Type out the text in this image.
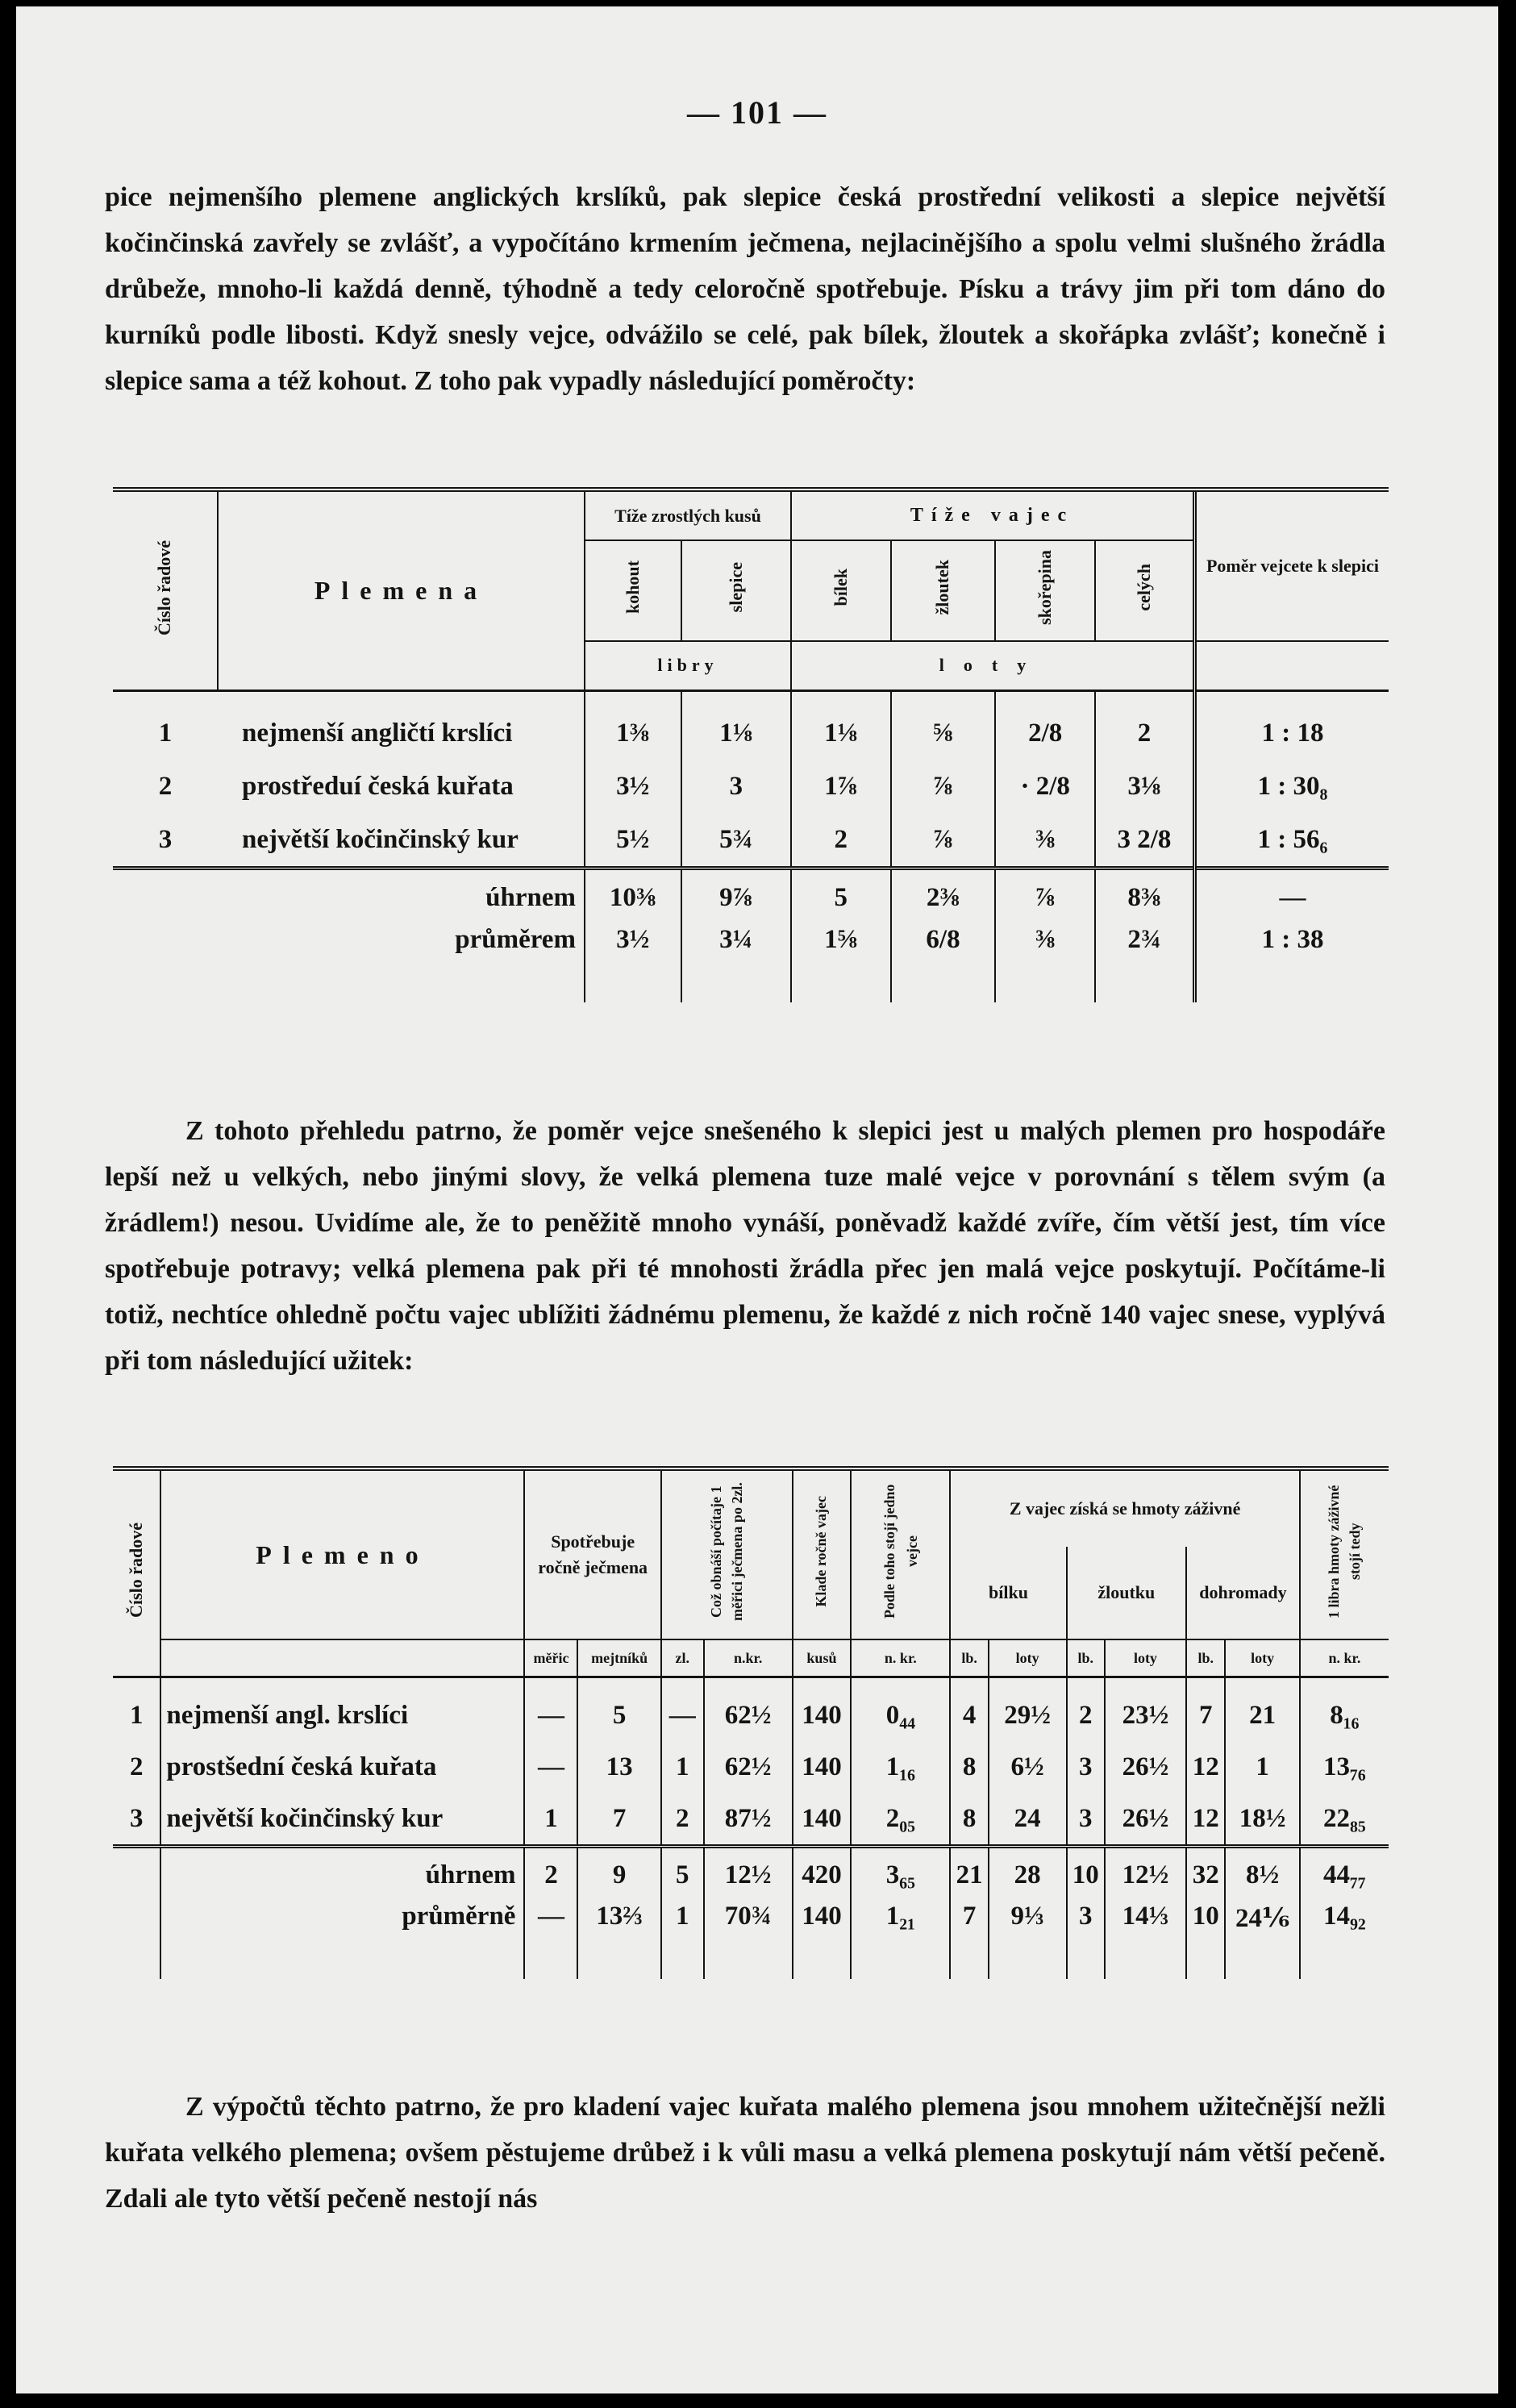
— 101 —

pice nejmenšího plemene anglických krslíků, pak slepice česká prostřední velikosti a slepice největší kočinčinská zavřely se zvlášť, a vypočítáno krmením ječmena, nejlacinějšího a spolu velmi slušného žrádla drůbeže, mnoho-li každá denně, týhodně a tedy celoročně spotřebuje. Písku a trávy jim při tom dáno do kurníků podle libosti. Když snesly vejce, odvážilo se celé, pak bílek, žloutek a skořápka zvlášť; konečně i slepice sama a též kohout. Z toho pak vypadly následující poměročty:

Číslo řadové	Plemena	Tíže zrostlých kusů		Tíže vajec				Poměr vejcete k slepici
		kohout	slepice	bílek	žloutek	skořepina	celých	
		libry		loty				
1	nejmenší angličtí krslíci	1⅜	1⅛	1⅛	⅝	2/8	2	1 : 18
2	prostředuí česká kuřata	3½	3	1⅞	⅞	· 2/8	3⅛	1 : 30₈
3	největší kočinčinský kur	5½	5¾	2	⅞	⅜	3 2/8	1 : 56₆
	úhrnem	10⅜	9⅞	5	2⅜	⅞	8⅜	—
	průměrem	3½	3¼	1⅝	6/8	⅜	2¾	1 : 38

Z tohoto přehledu patrno, že poměr vejce snešeného k slepici jest u malých plemen pro hospodáře lepší než u velkých, nebo jinými slovy, že velká plemena tuze malé vejce v porovnání s tělem svým (a žrádlem!) nesou. Uvidíme ale, že to peněžitě mnoho vynáší, poněvadž každé zvíře, čím větší jest, tím více spotřebuje potravy; velká plemena pak při té mnohosti žrádla přec jen malá vejce poskytují. Počítáme-li totiž, nechtíce ohledně počtu vajec ublížiti žádnému plemenu, že každé z nich ročně 140 vajec snese, vyplývá při tom následující užitek:

Číslo řadové	Plemeno	Spotřebuje ročně ječmena		Což obnáší počítaje 1 měřici ječmena po 2zl.		Klade ročně vajec	Podle toho stojí jedno vejce	Z vajec získá se hmoty záživné						1 libra hmoty záživné stojí tedy
								bílku		žloutku		dohromady		
		měřic	mejtníků	zl.	n.kr.	kusů	n. kr.	lb.	loty	lb.	loty	lb.	loty	n. kr.
1	nejmenší angl. krslíci	—	5	—	62½	140	0₄₄	4	29½	2	23½	7	21	8₁₆
2	prostšední česká kuřata	—	13	1	62½	140	1₁₆	8	6½	3	26½	12	1	13₇₆
3	největší kočinčinský kur	1	7	2	87½	140	2₀₅	8	24	3	26½	12	18½	22₈₅
	úhrnem	2	9	5	12½	420	3₆₅	21	28	10	12½	32	8½	44₇₇
	průměrně	—	13⅔	1	70¾	140	1₂₁	7	9⅓	3	14⅓	10	24⅙	14₉₂

Z výpočtů těchto patrno, že pro kladení vajec kuřata malého plemena jsou mnohem užitečnější nežli kuřata velkého plemena; ovšem pěstujeme drůbež i k vůli masu a velká plemena poskytují nám větší pečeně. Zdali ale tyto větší pečeně nestojí nás
